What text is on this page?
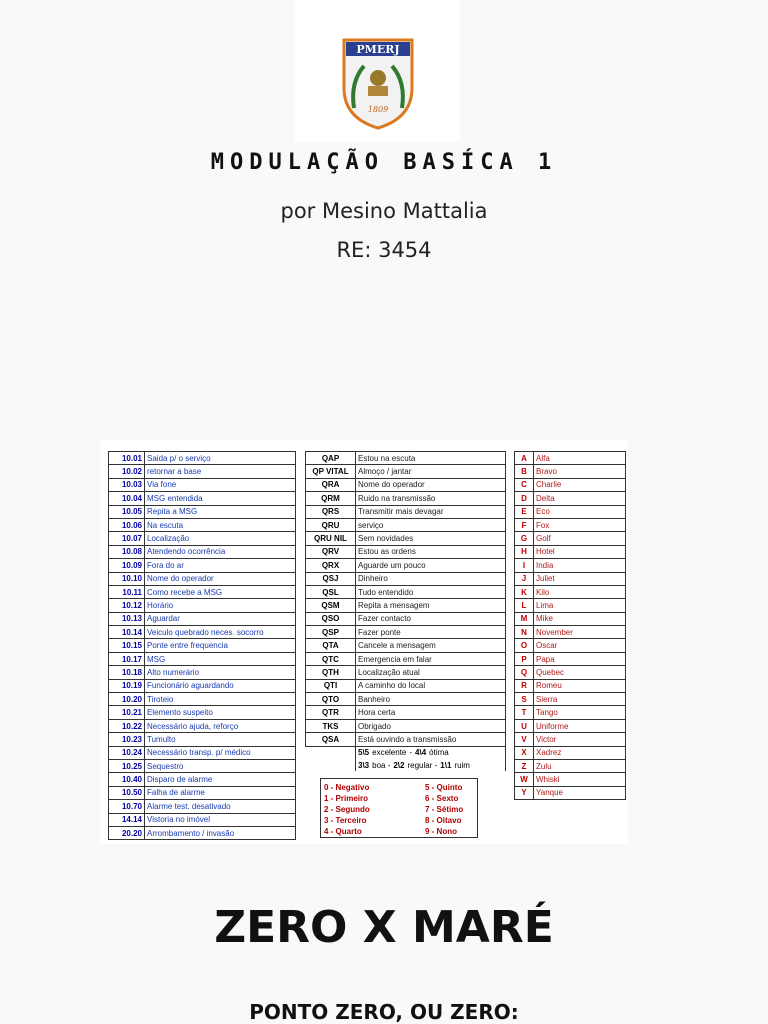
PMERJ
1809
MODULAÇÃO BASÍCA 1
por Mesino Mattalia
RE: 3454
10.01	Saida p/ o serviço
10.02	retornar a base
10.03	Via fone
10.04	MSG entendida
10.05	Repita a MSG
10.06	Na escuta
10.07	Localização
10.08	Atendendo ocorrência
10.09	Fora do ar
10.10	Nome do operador
10.11	Como recebe a MSG
10.12	Horário
10.13	Aguardar
10.14	Veiculo quebrado neces. socorro
10.15	Ponte entre frequencia
10.17	MSG
10.18	Alto numerário
10.19	Funcionário aguardando
10.20	Tiroteio
10.21	Elemento suspeito
10.22	Necessário ajuda, reforço
10.23	Tumulto
10.24	Necessário transp. p/ médico
10.25	Sequestro
10.40	Disparo de alarme
10.50	Falha de alarme
10.70	Alarme test. desativado
14.14	Vistoria no imóvel
20.20	Arrombamento / invasão
QAP	Estou na escuta
QP VITAL	Almoço / jantar
QRA	Nome do operador
QRM	Ruido na transmissão
QRS	Transmitir mais devagar
QRU	serviço
QRU NIL	Sem novidades
QRV	Estou as ordens
QRX	Aguarde um pouco
QSJ	Dinheiro
QSL	Tudo entendido
QSM	Repita a mensagem
QSO	Fazer contacto
QSP	Fazer ponte
QTA	Cancele a mensagem
QTC	Emergencia em falar
QTH	Localização atual
QTI	A caminho do local
QTO	Banheiro
QTR	Hora certa
TKS	Obrigado
QSA	Está ouvindo a transmissão
	5\5 excelente - 4\4 ótima
	3\3 boa - 2\2 regular - 1\1 ruim
A	Alfa
B	Bravo
C	Charlie
D	Delta
E	Eco
F	Fox
G	Golf
H	Hotel
I	India
J	Juliet
K	Kilo
L	Lima
M	Mike
N	November
O	Oscar
P	Papa
Q	Quebec
R	Romeu
S	Sierra
T	Tango
U	Uniforme
V	Victor
X	Xadrez
Z	Zulu
W	Whiski
Y	Yanque
0 - Negativo
1 - Primeiro
2 - Segundo
3 - Terceiro
4 - Quarto
5 - Quinto
6 - Sexto
7 - Sétimo
8 - Oitavo
9 - Nono
ZERO X MARÉ
PONTO ZERO, OU ZERO:
